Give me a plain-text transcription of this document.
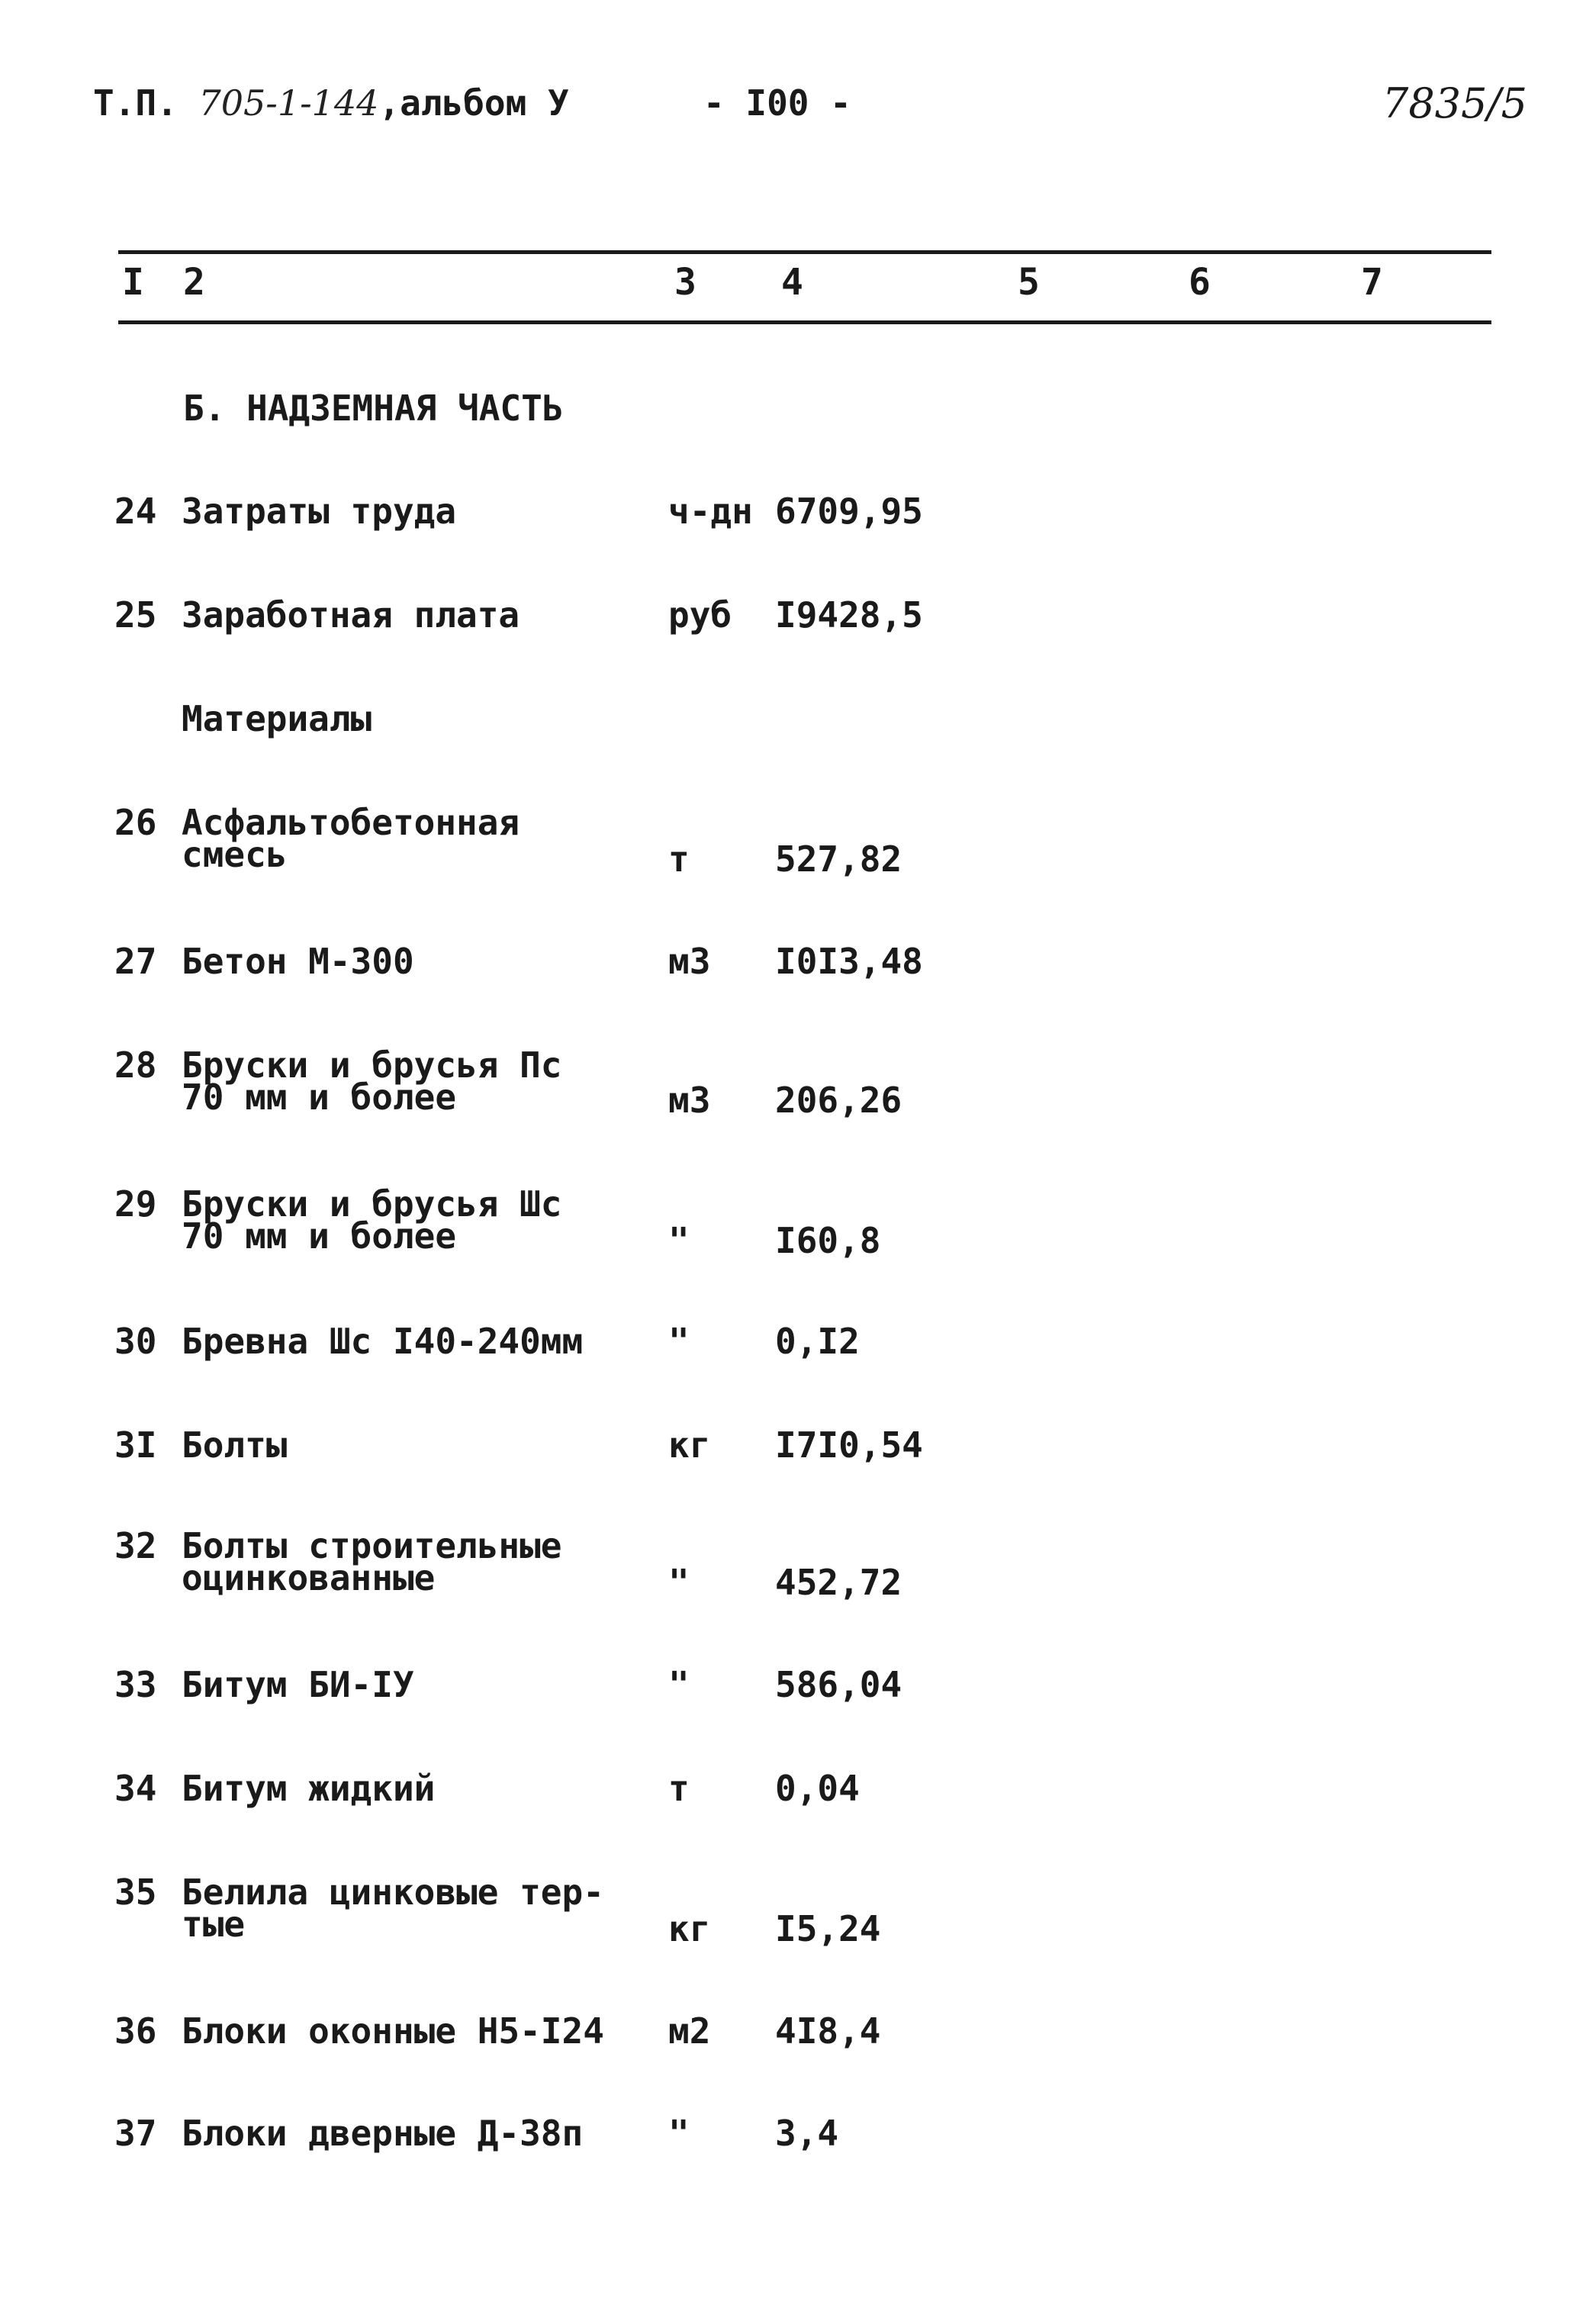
Т.П. 705-1-144,альбом У	- I00 -	7835/5
I 2	3 4	5	6	7
Б. НАДЗЕМНАЯ ЧАСТЬ
24 Затраты труда	ч-дн 6709,95
25 Заработная плата	руб I9428,5
Материалы
26 Асфальтобетонная
смесь	т 527,82
27 Бетон М-300	м3 I0I3,48
28 Бруски и брусья Пс
70 мм и более	м3 206,26
29 Бруски и брусья Шс
70 мм и более	" I60,8
30 Бревна Шс I40-240мм " 0,I2
3I Болты	кг I7I0,54
32 Болты строительные
оцинкованные	" 452,72
33 Битум БИ-IУ	" 586,04
34 Битум жидкий	т 0,04
35 Белила цинковые тер-
тые	кг I5,24
36 Блоки оконные Н5-I24 м2 4I8,4
37 Блоки дверные Д-38п " 3,4
